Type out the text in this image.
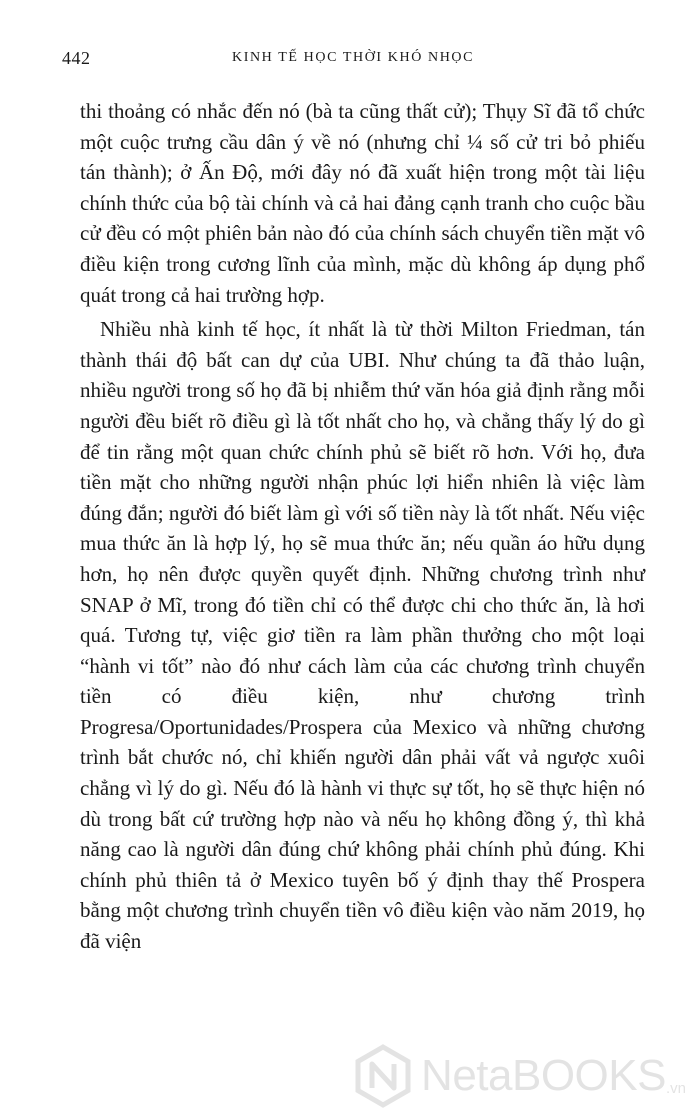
442	KINH TẾ HỌC THỜI KHÓ NHỌC

thi thoảng có nhắc đến nó (bà ta cũng thất cử); Thụy Sĩ đã tổ chức một cuộc trưng cầu dân ý về nó (nhưng chỉ ¼ số cử tri bỏ phiếu tán thành); ở Ấn Độ, mới đây nó đã xuất hiện trong một tài liệu chính thức của bộ tài chính và cả hai đảng cạnh tranh cho cuộc bầu cử đều có một phiên bản nào đó của chính sách chuyển tiền mặt vô điều kiện trong cương lĩnh của mình, mặc dù không áp dụng phổ quát trong cả hai trường hợp.

Nhiều nhà kinh tế học, ít nhất là từ thời Milton Friedman, tán thành thái độ bất can dự của UBI. Như chúng ta đã thảo luận, nhiều người trong số họ đã bị nhiễm thứ văn hóa giả định rằng mỗi người đều biết rõ điều gì là tốt nhất cho họ, và chẳng thấy lý do gì để tin rằng một quan chức chính phủ sẽ biết rõ hơn. Với họ, đưa tiền mặt cho những người nhận phúc lợi hiển nhiên là việc làm đúng đắn; người đó biết làm gì với số tiền này là tốt nhất. Nếu việc mua thức ăn là hợp lý, họ sẽ mua thức ăn; nếu quần áo hữu dụng hơn, họ nên được quyền quyết định. Những chương trình như SNAP ở Mĩ, trong đó tiền chỉ có thể được chi cho thức ăn, là hơi quá. Tương tự, việc giơ tiền ra làm phần thưởng cho một loại “hành vi tốt” nào đó như cách làm của các chương trình chuyển tiền có điều kiện, như chương trình Progresa/Oportunidades/Prospera của Mexico và những chương trình bắt chước nó, chỉ khiến người dân phải vất vả ngược xuôi chẳng vì lý do gì. Nếu đó là hành vi thực sự tốt, họ sẽ thực hiện nó dù trong bất cứ trường hợp nào và nếu họ không đồng ý, thì khả năng cao là người dân đúng chứ không phải chính phủ đúng. Khi chính phủ thiên tả ở Mexico tuyên bố ý định thay thế Prospera bằng một chương trình chuyển tiền vô điều kiện vào năm 2019, họ đã viện

NetaBOOKS .vn
